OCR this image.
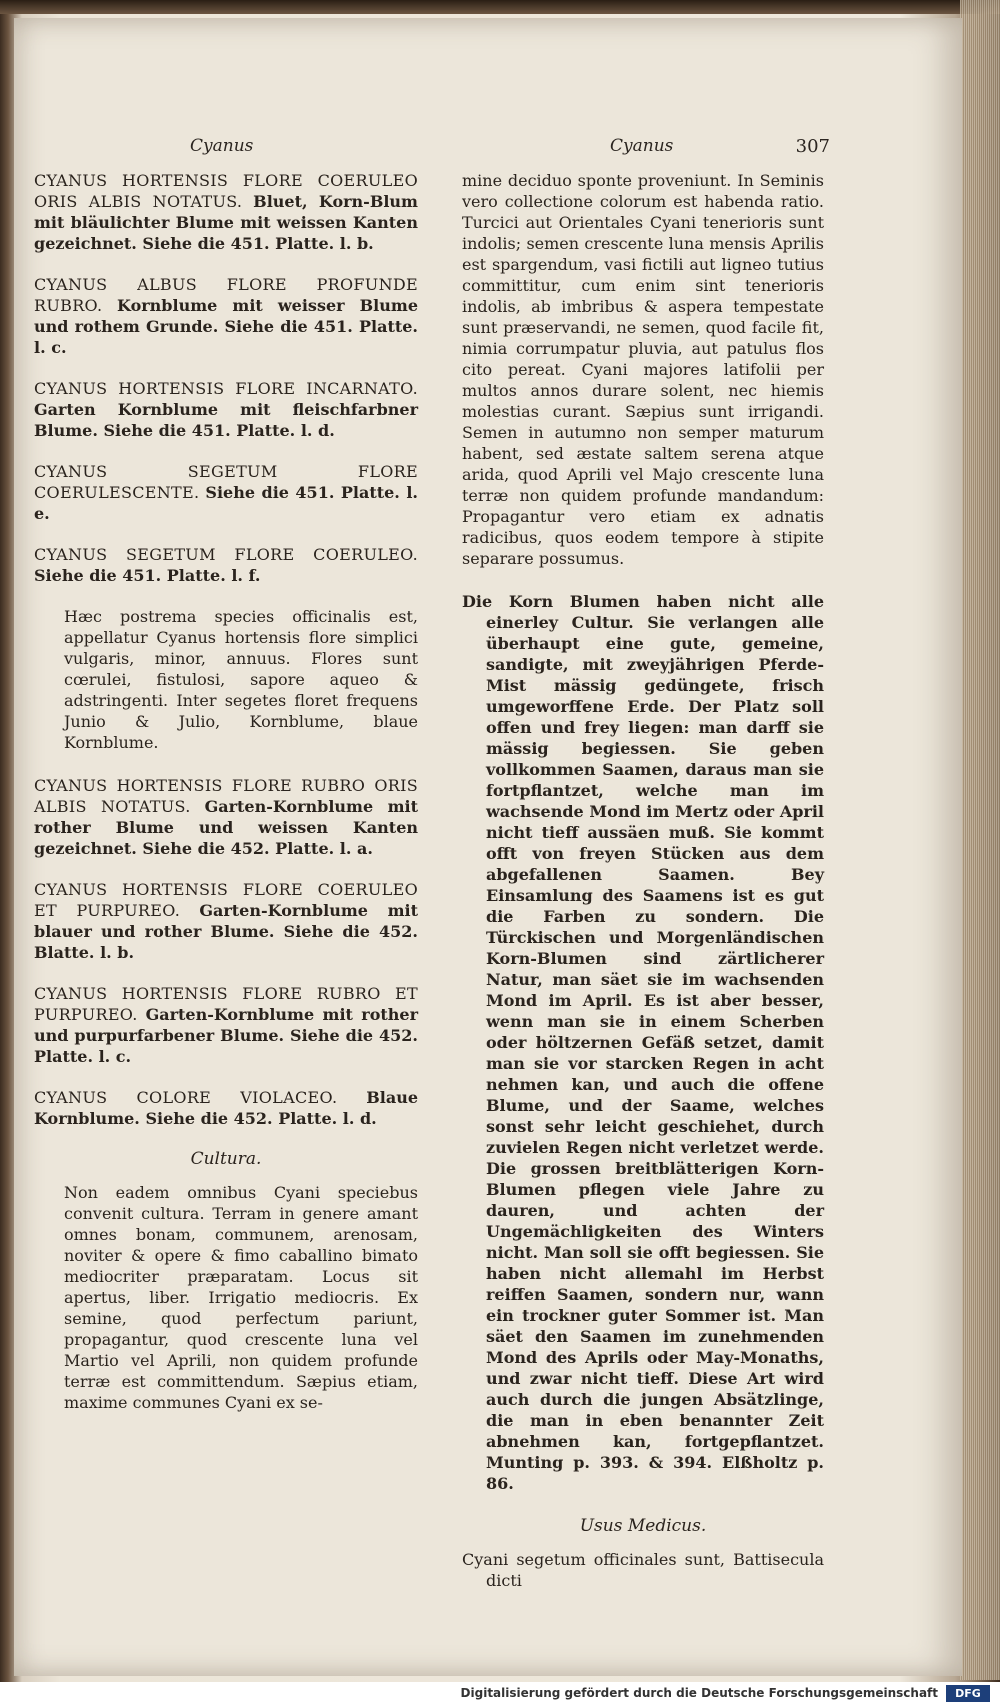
Cyanus	Cyanus	307
CYANUS HORTENSIS FLORE COERULEO ORIS ALBIS NOTATUS. Bluet, Korn-Blum mit bläulichter Blume mit weissen Kanten gezeichnet. Siehe die 451. Platte. l. b.
CYANUS ALBUS FLORE PROFUNDE RUBRO. Kornblume mit weisser Blume und rothem Grunde. Siehe die 451. Platte. l. c.
CYANUS HORTENSIS FLORE INCARNATO. Garten Kornblume mit fleischfarbner Blume. Siehe die 451. Platte. l. d.
CYANUS SEGETUM FLORE COERULESCENTE. Siehe die 451. Platte. l. e.
CYANUS SEGETUM FLORE COERULEO. Siehe die 451. Platte. l. f.

Hæc postrema species officinalis est, appellatur Cyanus hortensis flore simplici vulgaris, minor, annuus. Flores sunt cœrulei, fistulosi, sapore aqueo & adstringenti. Inter segetes floret frequens Junio & Julio, Kornblume, blaue Kornblume.

CYANUS HORTENSIS FLORE RUBRO ORIS ALBIS NOTATUS. Garten-Kornblume mit rother Blume und weissen Kanten gezeichnet. Siehe die 452. Platte. l. a.
CYANUS HORTENSIS FLORE COERULEO ET PURPUREO. Garten-Kornblume mit blauer und rother Blume. Siehe die 452. Blatte. l. b.
CYANUS HORTENSIS FLORE RUBRO ET PURPUREO. Garten-Kornblume mit rother und purpurfarbener Blume. Siehe die 452. Platte. l. c.
CYANUS COLORE VIOLACEO. Blaue Kornblume. Siehe die 452. Platte. l. d.
Cultura.

Non eadem omnibus Cyani speciebus convenit cultura. Terram in genere amant omnes bonam, communem, arenosam, noviter & opere & fimo caballino bimato mediocriter præparatam. Locus sit apertus, liber. Irrigatio mediocris. Ex semine, quod perfectum pariunt, propagantur, quod crescente luna vel Martio vel Aprili, non quidem profunde terræ est committendum. Sæpius etiam, maxime communes Cyani ex se-

mine deciduo sponte proveniunt. In Seminis vero collectione colorum est habenda ratio. Turcici aut Orientales Cyani tenerioris sunt indolis; semen crescente luna mensis Aprilis est spargendum, vasi fictili aut ligneo tutius committitur, cum enim sint tenerioris indolis, ab imbribus & aspera tempestate sunt præservandi, ne semen, quod facile fit, nimia corrumpatur pluvia, aut patulus flos cito pereat. Cyani majores latifolii per multos annos durare solent, nec hiemis molestias curant. Sæpius sunt irrigandi. Semen in autumno non semper maturum habent, sed æstate saltem serena atque arida, quod Aprili vel Majo crescente luna terræ non quidem profunde mandandum: Propagantur vero etiam ex adnatis radicibus, quos eodem tempore à stipite separare possumus.

Die Korn Blumen haben nicht alle einerley Cultur. Sie verlangen alle überhaupt eine gute, gemeine, sandigte, mit zweyjährigen Pferde-Mist mässig gedüngete, frisch umgeworffene Erde. Der Platz soll offen und frey liegen: man darff sie mässig begiessen. Sie geben vollkommen Saamen, daraus man sie fortpflantzet, welche man im wachsende Mond im Mertz oder April nicht tieff aussäen muß. Sie kommt offt von freyen Stücken aus dem abgefallenen Saamen. Bey Einsamlung des Saamens ist es gut die Farben zu sondern. Die Türckischen und Morgenländischen Korn-Blumen sind zärtlicherer Natur, man säet sie im wachsenden Mond im April. Es ist aber besser, wenn man sie in einem Scherben oder höltzernen Gefäß setzet, damit man sie vor starcken Regen in acht nehmen kan, und auch die offene Blume, und der Saame, welches sonst sehr leicht geschiehet, durch zuvielen Regen nicht verletzet werde. Die grossen breitblätterigen Korn-Blumen pflegen viele Jahre zu dauren, und achten der Ungemächligkeiten des Winters nicht. Man soll sie offt begiessen. Sie haben nicht allemahl im Herbst reiffen Saamen, sondern nur, wann ein trockner guter Sommer ist. Man säet den Saamen im zunehmenden Mond des Aprils oder May-Monaths, und zwar nicht tieff. Diese Art wird auch durch die jungen Absätzlinge, die man in eben benannter Zeit abnehmen kan, fortgepflantzet. Munting p. 393. & 394. Elßholtz p. 86.

Usus Medicus.

Cyani segetum officinales sunt, Battisecula dicti

Digitalisierung gefördert durch die Deutsche Forschungsgemeinschaft	DFG
